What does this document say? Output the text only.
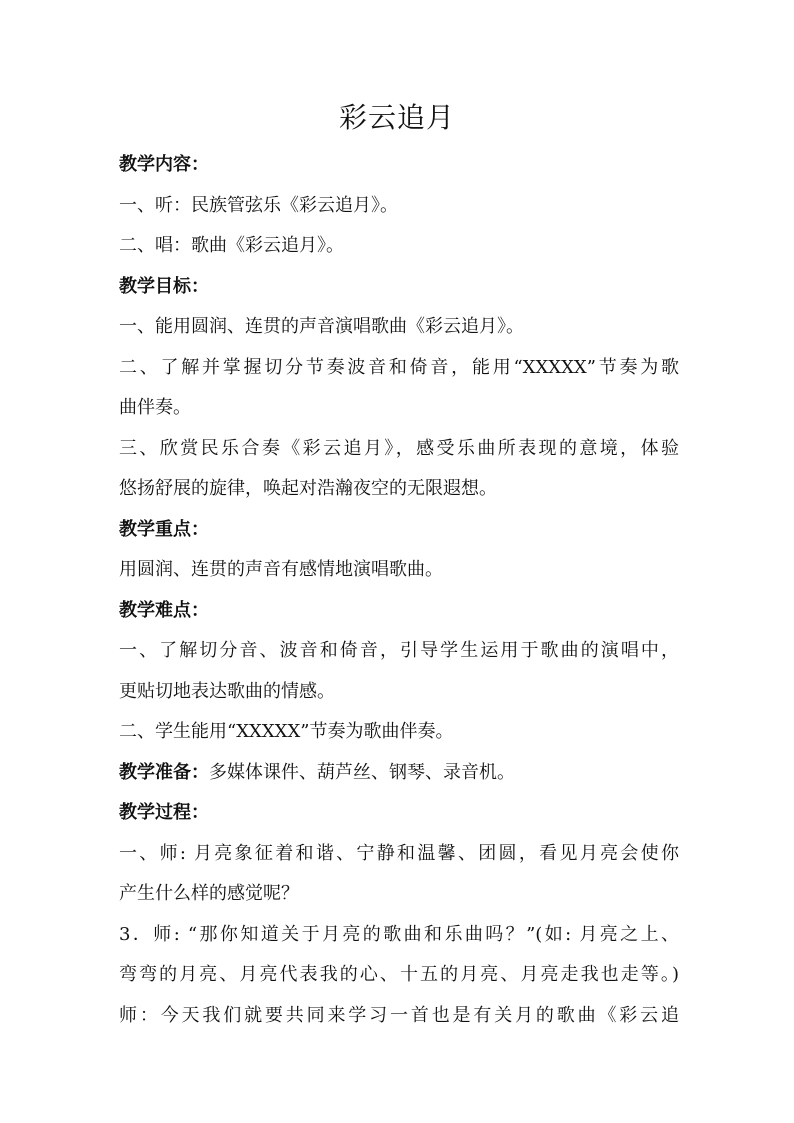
彩云追月
教学内容：
一、听：民族管弦乐《彩云追月》。
二、唱：歌曲《彩云追月》。
教学目标：
一、能用圆润、连贯的声音演唱歌曲《彩云追月》。
二、了解并掌握切分节奏波音和倚音，能用“XXXXX”节奏为歌
曲伴奏。
三、欣赏民乐合奏《彩云追月》，感受乐曲所表现的意境，体验
悠扬舒展的旋律，唤起对浩瀚夜空的无限遐想。
教学重点：
用圆润、连贯的声音有感情地演唱歌曲。
教学难点：
一、了解切分音、波音和倚音，引导学生运用于歌曲的演唱中，
更贴切地表达歌曲的情感。
二、学生能用“XXXXX”节奏为歌曲伴奏。
教学准备：多媒体课件、葫芦丝、钢琴、录音机。
教学过程：
一、师: 月亮象征着和谐、宁静和温馨、团圆，看见月亮会使你
产生什么样的感觉呢？
3．师: “那你知道关于月亮的歌曲和乐曲吗？”(如: 月亮之上、
弯弯的月亮、月亮代表我的心、十五的月亮、月亮走我也走等。)
师：今天我们就要共同来学习一首也是有关月的歌曲《彩云追
